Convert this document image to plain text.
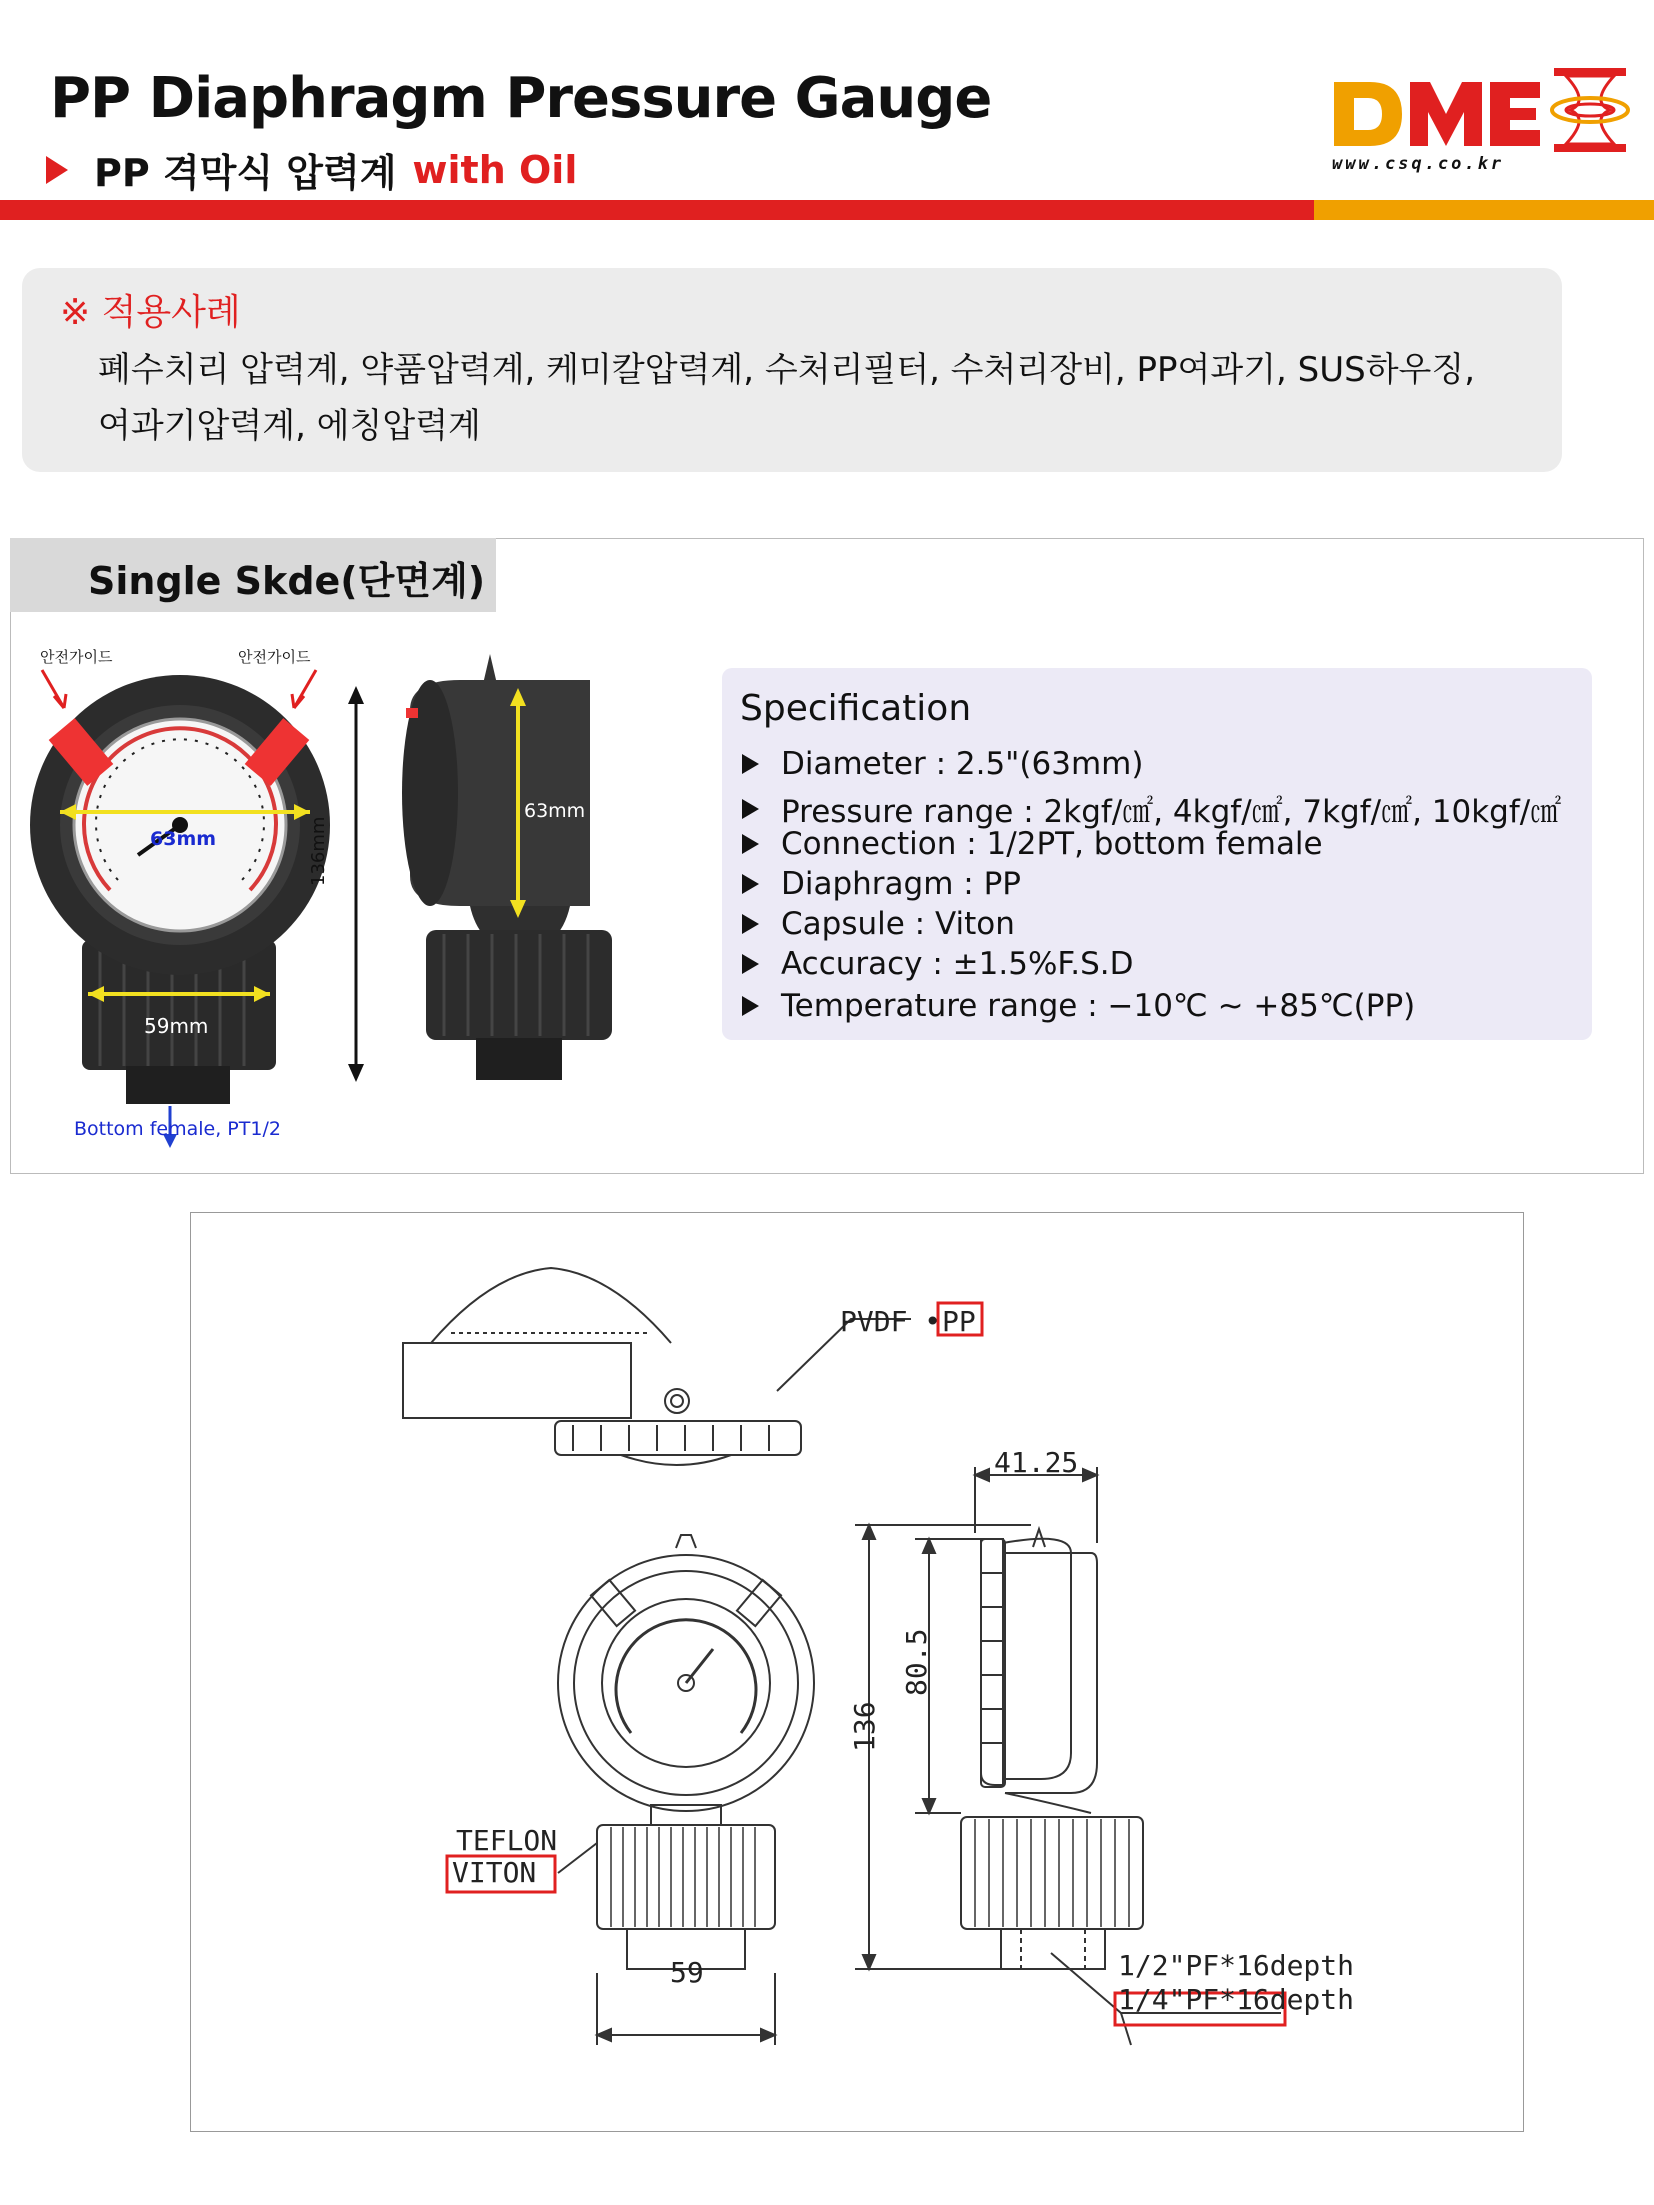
PP Diaphragm Pressure Gauge
PP 격막식 압력계 with Oil	www.csq.co.kr
※ 적용사례
폐수치리 압력계, 약품압력계, 케미칼압력계, 수처리필터, 수처리장비, PP여과기, SUS하우징,
여과기압력계, 에칭압력계
Single Skde(단면계)
안전가이드	안전가이드
63mm
59mm
Bottom female, PT1/2
136mm
63mm
Specification
Diameter : 2.5"(63mm)
Pressure range : 2kgf/㎠, 4kgf/㎠, 7kgf/㎠, 10kgf/㎠
Connection : 1/2PT, bottom female
Diaphragm : PP
Capsule : Viton
Accuracy : ±1.5%F.S.D
Temperature range : −10℃ ~ +85℃(PP)
PVDF • PP
41.25
80.5
136
59
TEFLON
VITON
1/2"PF*16depth
1/4"PF*16depth
